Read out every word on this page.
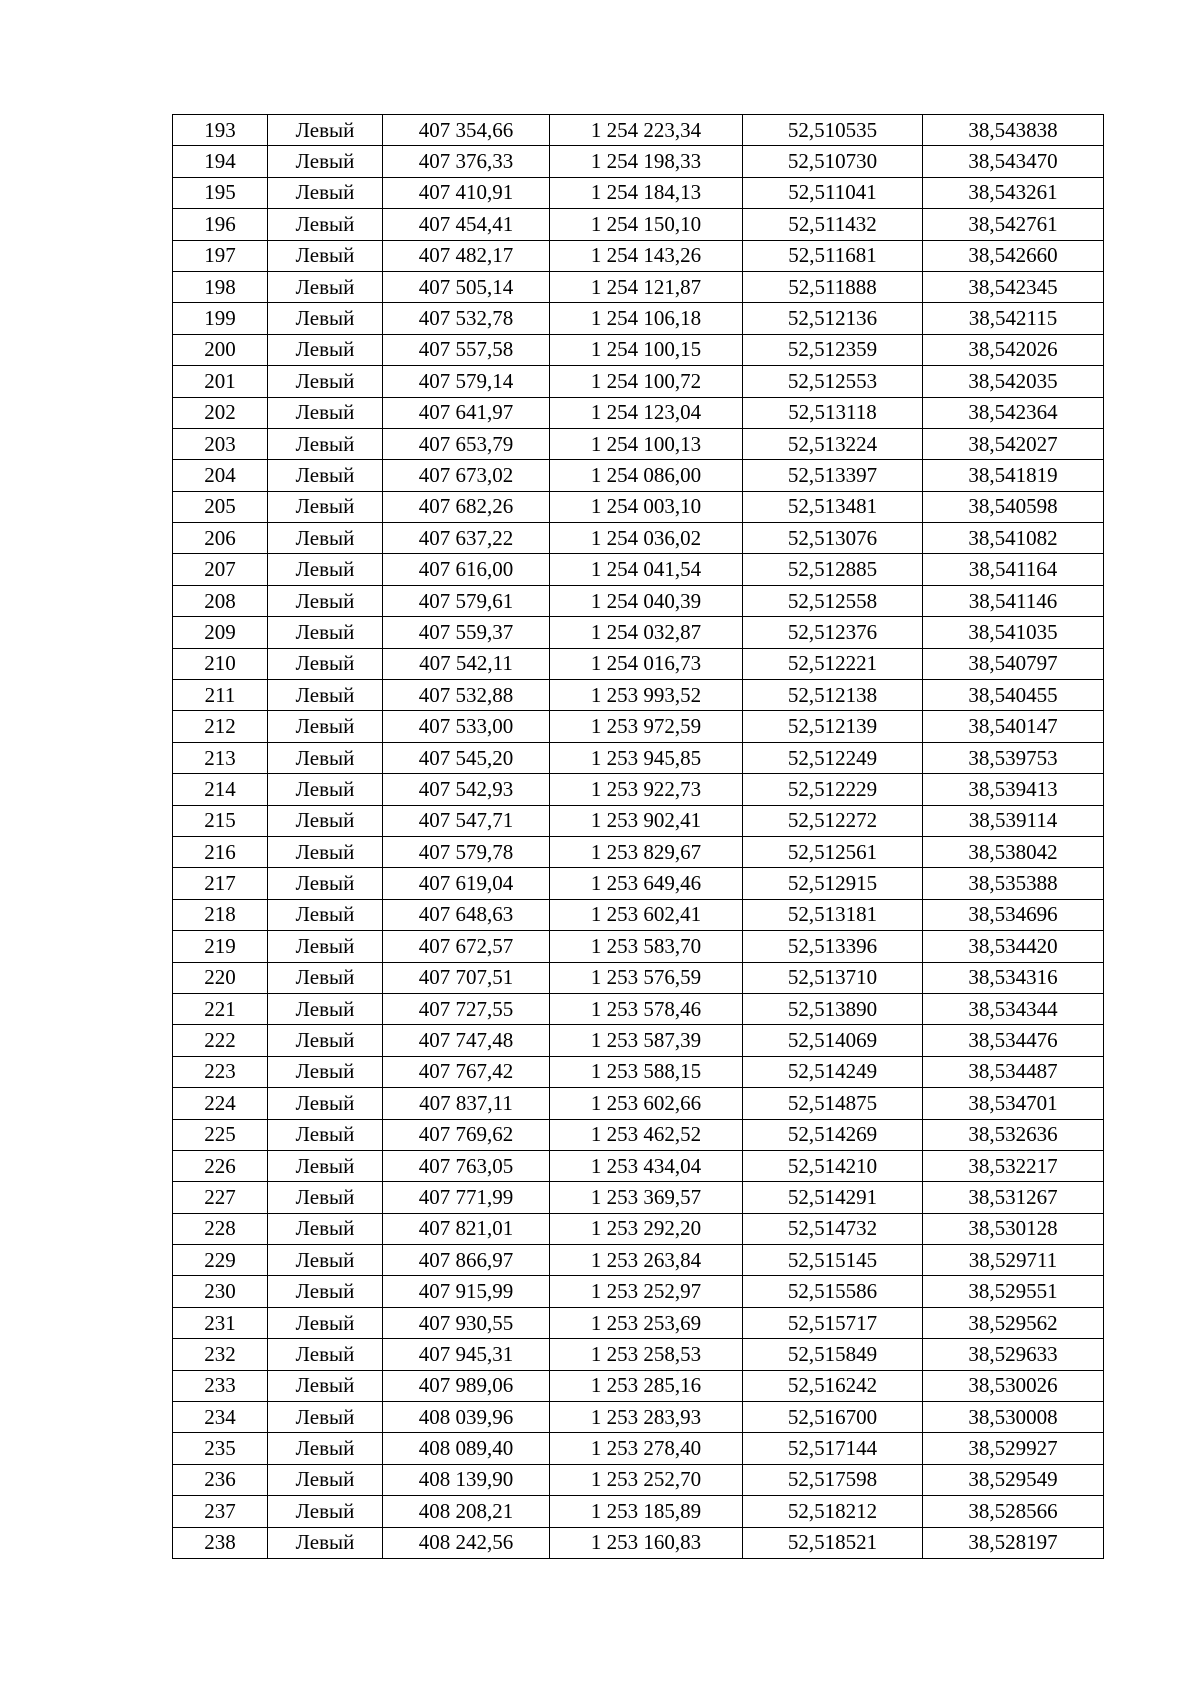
193	Левый	407 354,66	1 254 223,34	52,510535	38,543838
194	Левый	407 376,33	1 254 198,33	52,510730	38,543470
195	Левый	407 410,91	1 254 184,13	52,511041	38,543261
196	Левый	407 454,41	1 254 150,10	52,511432	38,542761
197	Левый	407 482,17	1 254 143,26	52,511681	38,542660
198	Левый	407 505,14	1 254 121,87	52,511888	38,542345
199	Левый	407 532,78	1 254 106,18	52,512136	38,542115
200	Левый	407 557,58	1 254 100,15	52,512359	38,542026
201	Левый	407 579,14	1 254 100,72	52,512553	38,542035
202	Левый	407 641,97	1 254 123,04	52,513118	38,542364
203	Левый	407 653,79	1 254 100,13	52,513224	38,542027
204	Левый	407 673,02	1 254 086,00	52,513397	38,541819
205	Левый	407 682,26	1 254 003,10	52,513481	38,540598
206	Левый	407 637,22	1 254 036,02	52,513076	38,541082
207	Левый	407 616,00	1 254 041,54	52,512885	38,541164
208	Левый	407 579,61	1 254 040,39	52,512558	38,541146
209	Левый	407 559,37	1 254 032,87	52,512376	38,541035
210	Левый	407 542,11	1 254 016,73	52,512221	38,540797
211	Левый	407 532,88	1 253 993,52	52,512138	38,540455
212	Левый	407 533,00	1 253 972,59	52,512139	38,540147
213	Левый	407 545,20	1 253 945,85	52,512249	38,539753
214	Левый	407 542,93	1 253 922,73	52,512229	38,539413
215	Левый	407 547,71	1 253 902,41	52,512272	38,539114
216	Левый	407 579,78	1 253 829,67	52,512561	38,538042
217	Левый	407 619,04	1 253 649,46	52,512915	38,535388
218	Левый	407 648,63	1 253 602,41	52,513181	38,534696
219	Левый	407 672,57	1 253 583,70	52,513396	38,534420
220	Левый	407 707,51	1 253 576,59	52,513710	38,534316
221	Левый	407 727,55	1 253 578,46	52,513890	38,534344
222	Левый	407 747,48	1 253 587,39	52,514069	38,534476
223	Левый	407 767,42	1 253 588,15	52,514249	38,534487
224	Левый	407 837,11	1 253 602,66	52,514875	38,534701
225	Левый	407 769,62	1 253 462,52	52,514269	38,532636
226	Левый	407 763,05	1 253 434,04	52,514210	38,532217
227	Левый	407 771,99	1 253 369,57	52,514291	38,531267
228	Левый	407 821,01	1 253 292,20	52,514732	38,530128
229	Левый	407 866,97	1 253 263,84	52,515145	38,529711
230	Левый	407 915,99	1 253 252,97	52,515586	38,529551
231	Левый	407 930,55	1 253 253,69	52,515717	38,529562
232	Левый	407 945,31	1 253 258,53	52,515849	38,529633
233	Левый	407 989,06	1 253 285,16	52,516242	38,530026
234	Левый	408 039,96	1 253 283,93	52,516700	38,530008
235	Левый	408 089,40	1 253 278,40	52,517144	38,529927
236	Левый	408 139,90	1 253 252,70	52,517598	38,529549
237	Левый	408 208,21	1 253 185,89	52,518212	38,528566
238	Левый	408 242,56	1 253 160,83	52,518521	38,528197
